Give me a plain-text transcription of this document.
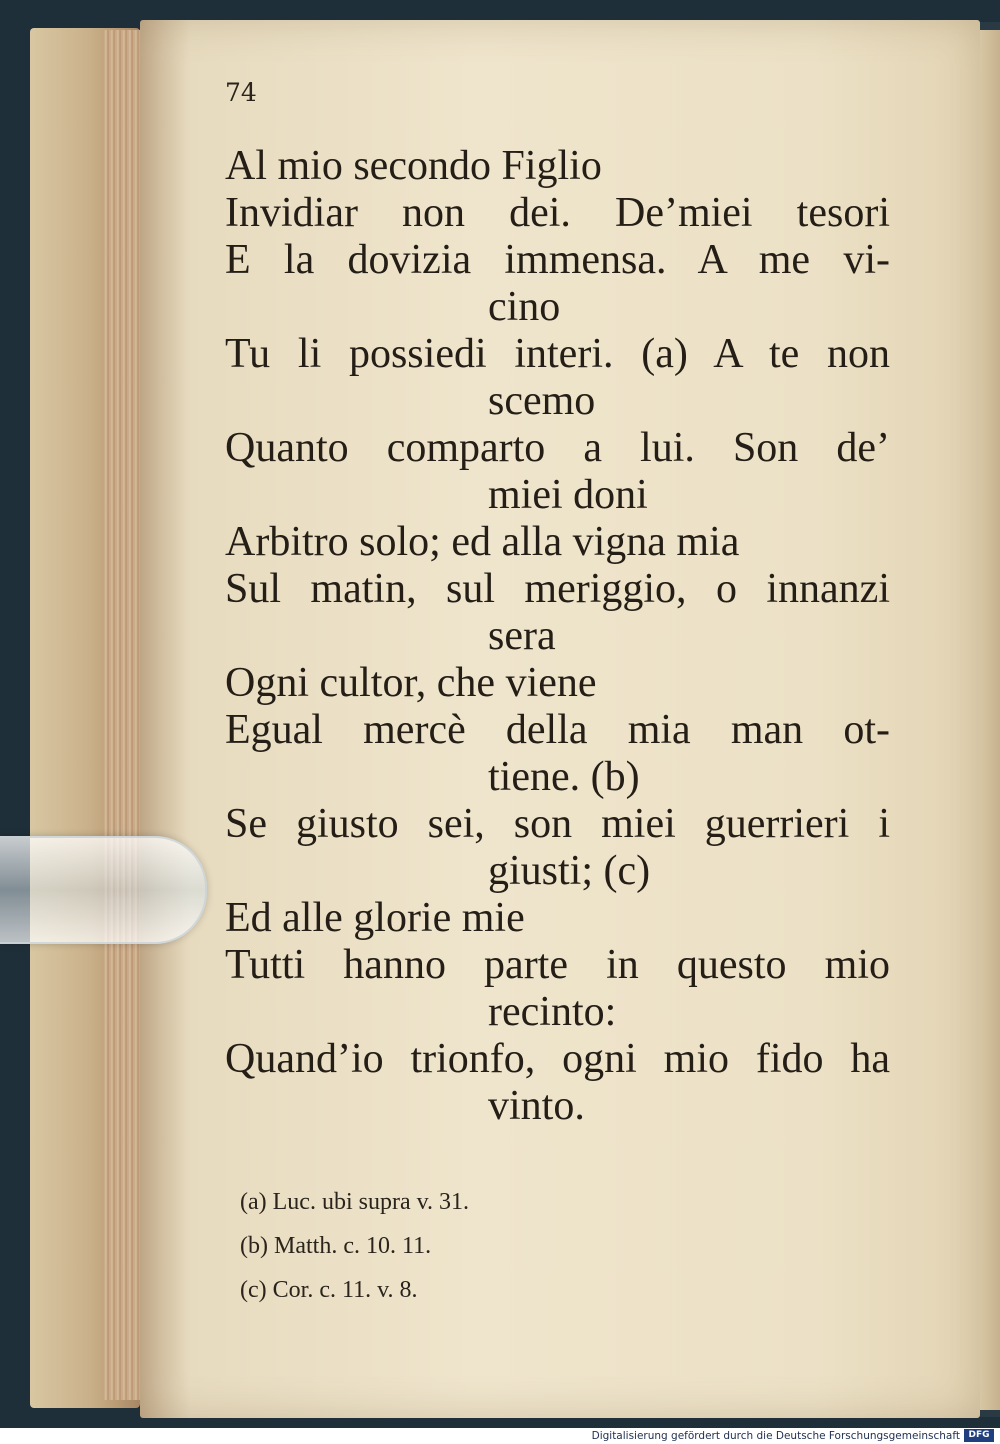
74
Al mio secondo Figlio
Invidiar non dei. De’miei tesori
E la dovizia immensa. A me vi-
cino
Tu li possiedi interi. (a) A te non
scemo
Quanto comparto a lui. Son de’
miei doni
Arbitro solo; ed alla vigna mia
Sul matin, sul meriggio, o innanzi
sera
Ogni cultor, che viene
Egual mercè della mia man ot-
tiene. (b)
Se giusto sei, son miei guerrieri i
giusti; (c)
Ed alle glorie mie
Tutti hanno parte in questo mio
recinto:
Quand’io trionfo, ogni mio fido ha
vinto.
(a) Luc. ubi supra v. 31.
(b) Matth. c. 10. 11.
(c) Cor. c. 11. v. 8.
Digitalisierung gefördert durch die Deutsche Forschungsgemeinschaft DFG
